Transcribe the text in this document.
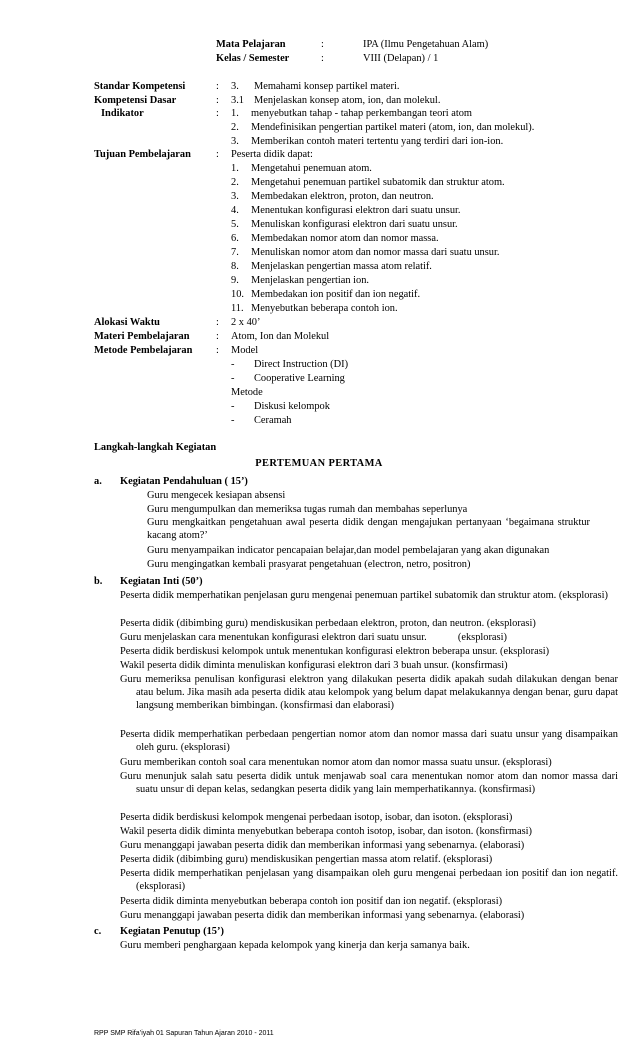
Mata Pelajaran	:	IPA (Ilmu Pengetahuan Alam)
Kelas / Semester	:	VIII (Delapan) / 1
Standar Kompetensi	: 3. Memahami konsep partikel materi.
Kompetensi Dasar	: 3.1 Menjelaskan konsep atom, ion, dan molekul.
Indikator	: 1. menyebutkan tahap - tahap perkembangan teori atom
2. Mendefinisikan pengertian partikel materi (atom, ion, dan molekul).
3. Memberikan contoh materi tertentu yang terdiri dari ion-ion.
Tujuan Pembelajaran : Peserta didik dapat:
1. Mengetahui penemuan atom.
2. Mengetahui penemuan partikel subatomik dan struktur atom.
3. Membedakan elektron, proton, dan neutron.
4. Menentukan konfigurasi elektron dari suatu unsur.
5. Menuliskan konfigurasi elektron dari suatu unsur.
6. Membedakan nomor atom dan nomor massa.
7. Menuliskan nomor atom dan nomor massa dari suatu unsur.
8. Menjelaskan pengertian massa atom relatif.
9. Menjelaskan pengertian ion.
10. Membedakan ion positif dan ion negatif.
11. Menyebutkan beberapa contoh ion.
Alokasi Waktu	: 2 x 40’
Materi Pembelajaran	: Atom, Ion dan Molekul
Metode Pembelajaran : Model
- Direct Instruction (DI)
- Cooperative Learning
Metode
- Diskusi kelompok
- Ceramah
Langkah-langkah Kegiatan
PERTEMUAN PERTAMA
a. Kegiatan Pendahuluan ( 15’)
Guru mengecek kesiapan absensi
Guru mengumpulkan dan memeriksa tugas rumah dan membahas seperlunya
Guru mengkaitkan pengetahuan awal peserta didik dengan mengajukan pertanyaan ‘begaimana struktur kacang atom?’
Guru menyampaikan indicator pencapaian belajar,dan model pembelajaran yang akan digunakan
Guru mengingatkan kembali prasyarat pengetahuan (electron, netro, positron)
b. Kegiatan Inti (50’)
Peserta didik memperhatikan penjelasan guru mengenai penemuan partikel subatomik dan struktur atom. (eksplorasi)
Peserta didik (dibimbing guru) mendiskusikan perbedaan elektron, proton, dan neutron. (eksplorasi)
Guru menjelaskan cara menentukan konfigurasi elektron dari suatu unsur.            (eksplorasi)
Peserta didik berdiskusi kelompok untuk menentukan konfigurasi elektron beberapa unsur. (eksplorasi)
Wakil peserta didik diminta menuliskan konfigurasi elektron dari 3 buah unsur. (konsfirmasi)
Guru memeriksa penulisan konfigurasi elektron yang dilakukan peserta didik apakah sudah dilakukan dengan benar atau belum. Jika masih ada peserta didik atau kelompok yang belum dapat melakukannya dengan benar, guru dapat langsung memberikan bimbingan. (konsfirmasi dan elaborasi)
Peserta didik memperhatikan perbedaan pengertian nomor atom dan nomor massa dari suatu unsur yang disampaikan oleh guru. (eksplorasi)
Guru memberikan contoh soal cara menentukan nomor atom dan nomor massa suatu unsur. (eksplorasi)
Guru menunjuk salah satu peserta didik untuk menjawab soal cara menentukan nomor atom dan nomor massa dari suatu unsur di depan kelas, sedangkan peserta didik yang lain memperhatikannya. (konsfirmasi)
Peserta didik berdiskusi kelompok mengenai perbedaan isotop, isobar, dan isoton. (eksplorasi)
Wakil peserta didik diminta menyebutkan beberapa contoh isotop, isobar, dan isoton. (konsfirmasi)
Guru menanggapi jawaban peserta didik dan memberikan informasi yang sebenarnya. (elaborasi)
Peserta didik (dibimbing guru) mendiskusikan pengertian massa atom relatif. (eksplorasi)
Peserta didik memperhatikan penjelasan yang disampaikan oleh guru mengenai perbedaan ion positif dan ion negatif. (eksplorasi)
Peserta didik diminta menyebutkan beberapa contoh ion positif dan ion negatif. (eksplorasi)
Guru menanggapi jawaban peserta didik dan memberikan informasi yang sebenarnya. (elaborasi)
c. Kegiatan Penutup (15’)
Guru memberi penghargaan kepada kelompok yang kinerja dan kerja samanya baik.
RPP SMP Rifa’iyah 01 Sapuran Tahun Ajaran 2010 - 2011
